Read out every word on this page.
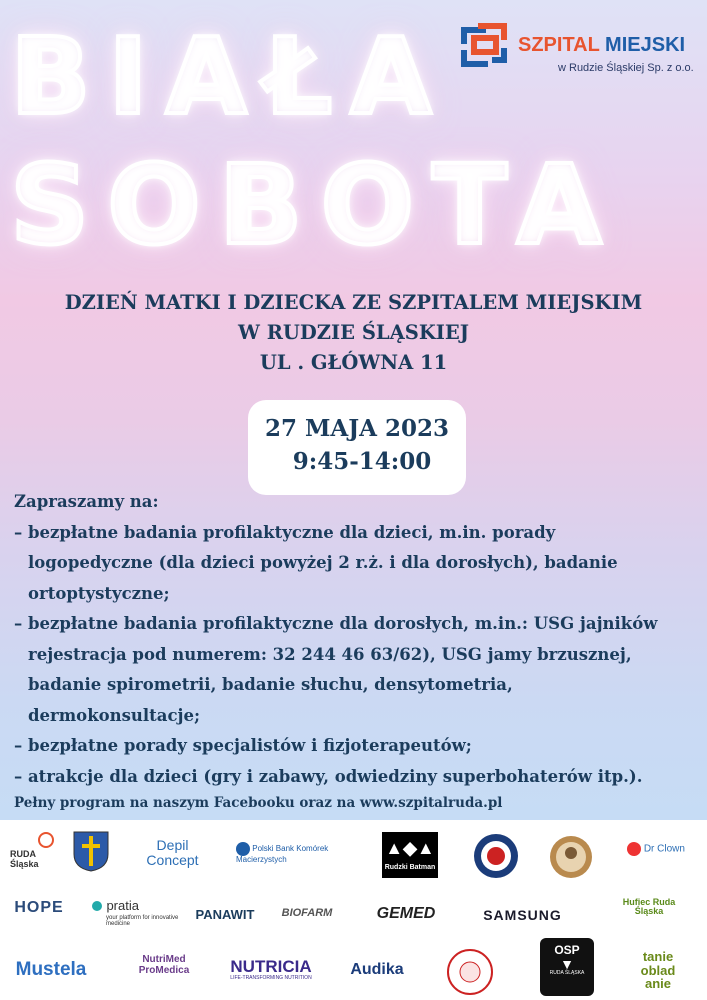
BIAŁA
SOBOTA
SZPITAL MIEJSKI
w Rudzie Śląskiej Sp. z o.o.
DZIEŃ MATKI I DZIECKA ZE SZPITALEM MIEJSKIM
W RUDZIE ŚLĄSKIEJ
UL . GŁÓWNA 11
27 MAJA 2023
9:45-14:00
Zapraszamy na:
– bezpłatne badania profilaktyczne dla dzieci, m.in. porady
logopedyczne (dla dzieci powyżej 2 r.ż. i dla dorosłych), badanie
ortoptystyczne;
– bezpłatne badania profilaktyczne dla dorosłych, m.in.: USG jajników
rejestracja pod numerem: 32 244 46 63/62), USG jamy brzusznej,
badanie spirometrii, badanie słuchu, densytometria,
dermokonsultacje;
– bezpłatne porady specjalistów i fizjoterapeutów;
– atrakcje dla dzieci (gry i zabawy, odwiedziny superbohaterów itp.).
Pełny program na naszym Facebooku oraz na www.szpitalruda.pl
RUDA Śląska
Depil
Concept
Polski Bank Komórek Macierzystych
▲◆▲
Rudzki Batman
Dr Clown
HOPE	pratia
your platform for innovative medicine
PANAWIT	BIOFARM	GEMED	SAMSUNG
Hufiec Ruda Śląska
Mustela	NutriMed ProMedica	NUTRICIA
LIFE-TRANSFORMING NUTRITION	Audika
OSP
▼
RUDA ŚLĄSKA
tanie
oblad
anie
